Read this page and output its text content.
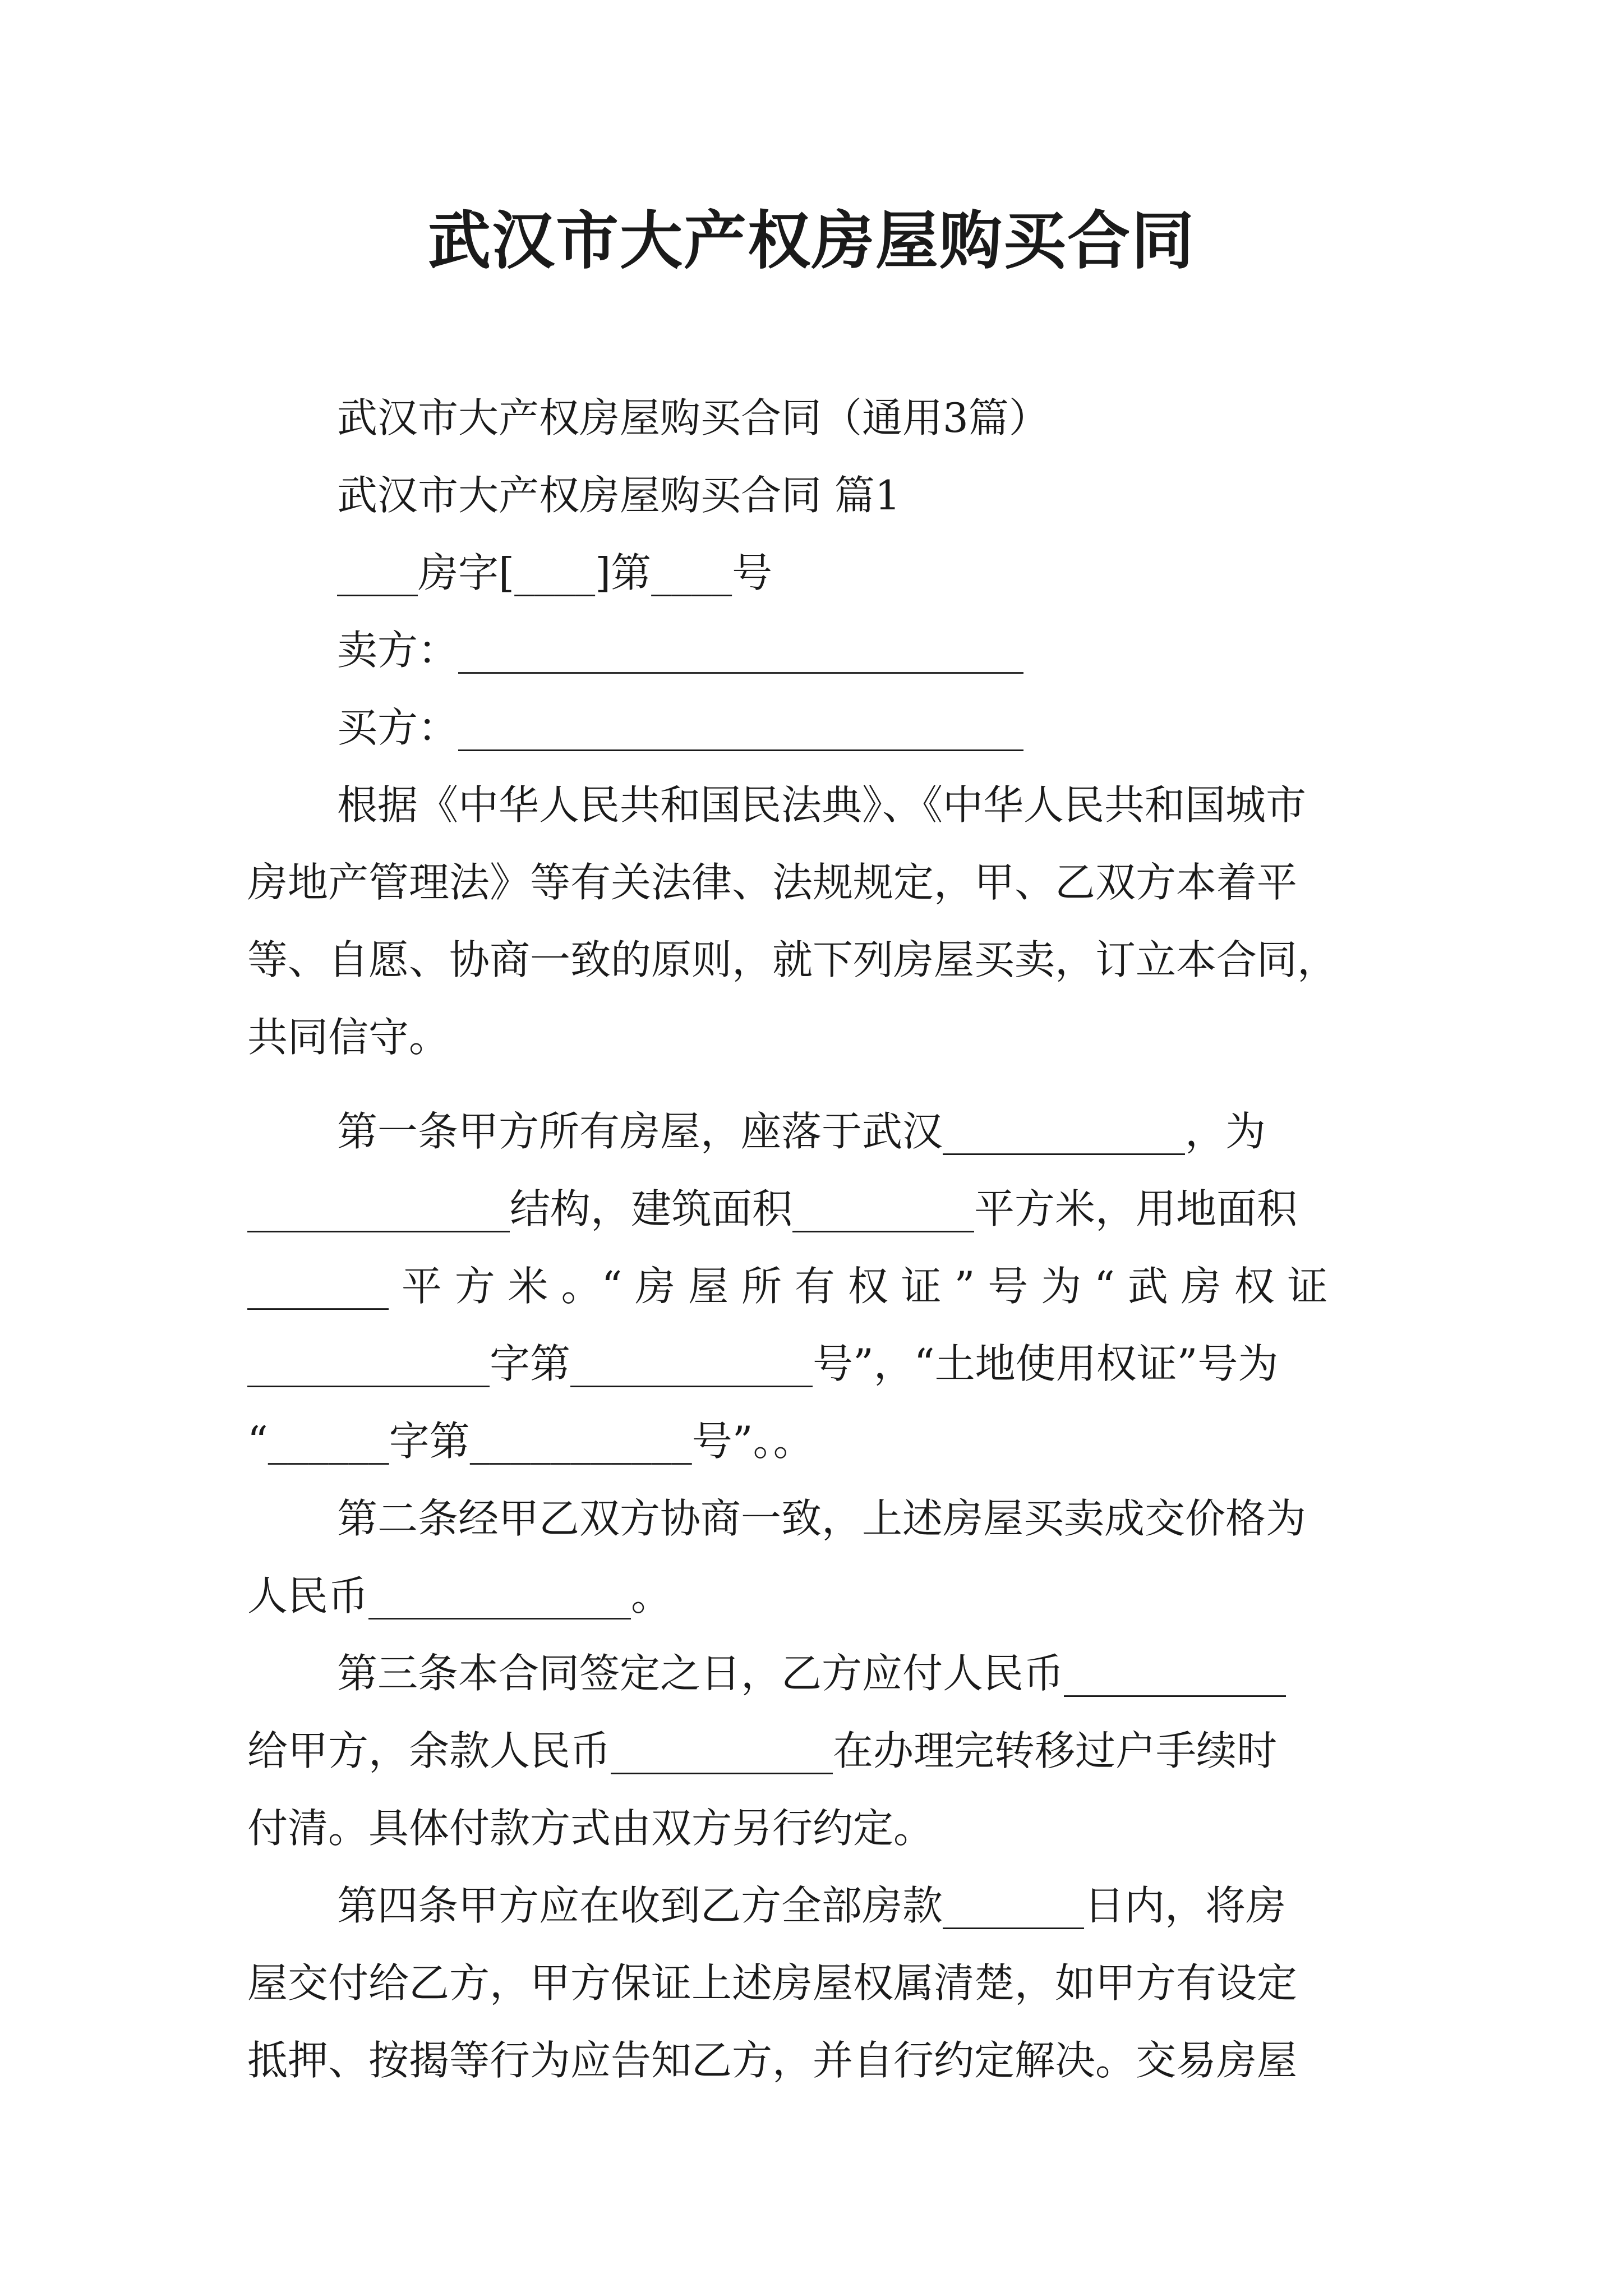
武汉市大产权房屋购买合同
武汉市大产权房屋购买合同（通用3篇）
武汉市大产权房屋购买合同 篇1
____房字[____]第____号
卖方：____________________________
买方：____________________________
根据《中华人民共和国民法典》、《中华人民共和国城市
房地产管理法》等有关法律、法规规定，甲、乙双方本着平
等、自愿、协商一致的原则，就下列房屋买卖，订立本合同，
共同信守。
第一条甲方所有房屋，座落于武汉____________，为
_____________结构，建筑面积_________平方米，用地面积
_______ 平 方 米 。“ 房 屋 所 有 权 证 ” 号 为 “ 武 房 权 证
____________字第____________号”，“土地使用权证”号为
“______字第___________号”。。
第二条经甲乙双方协商一致，上述房屋买卖成交价格为
人民币_____________。
第三条本合同签定之日，乙方应付人民币___________
给甲方，余款人民币___________在办理完转移过户手续时
付清。具体付款方式由双方另行约定。
第四条甲方应在收到乙方全部房款_______日内，将房
屋交付给乙方，甲方保证上述房屋权属清楚，如甲方有设定
抵押、按揭等行为应告知乙方，并自行约定解决。交易房屋
